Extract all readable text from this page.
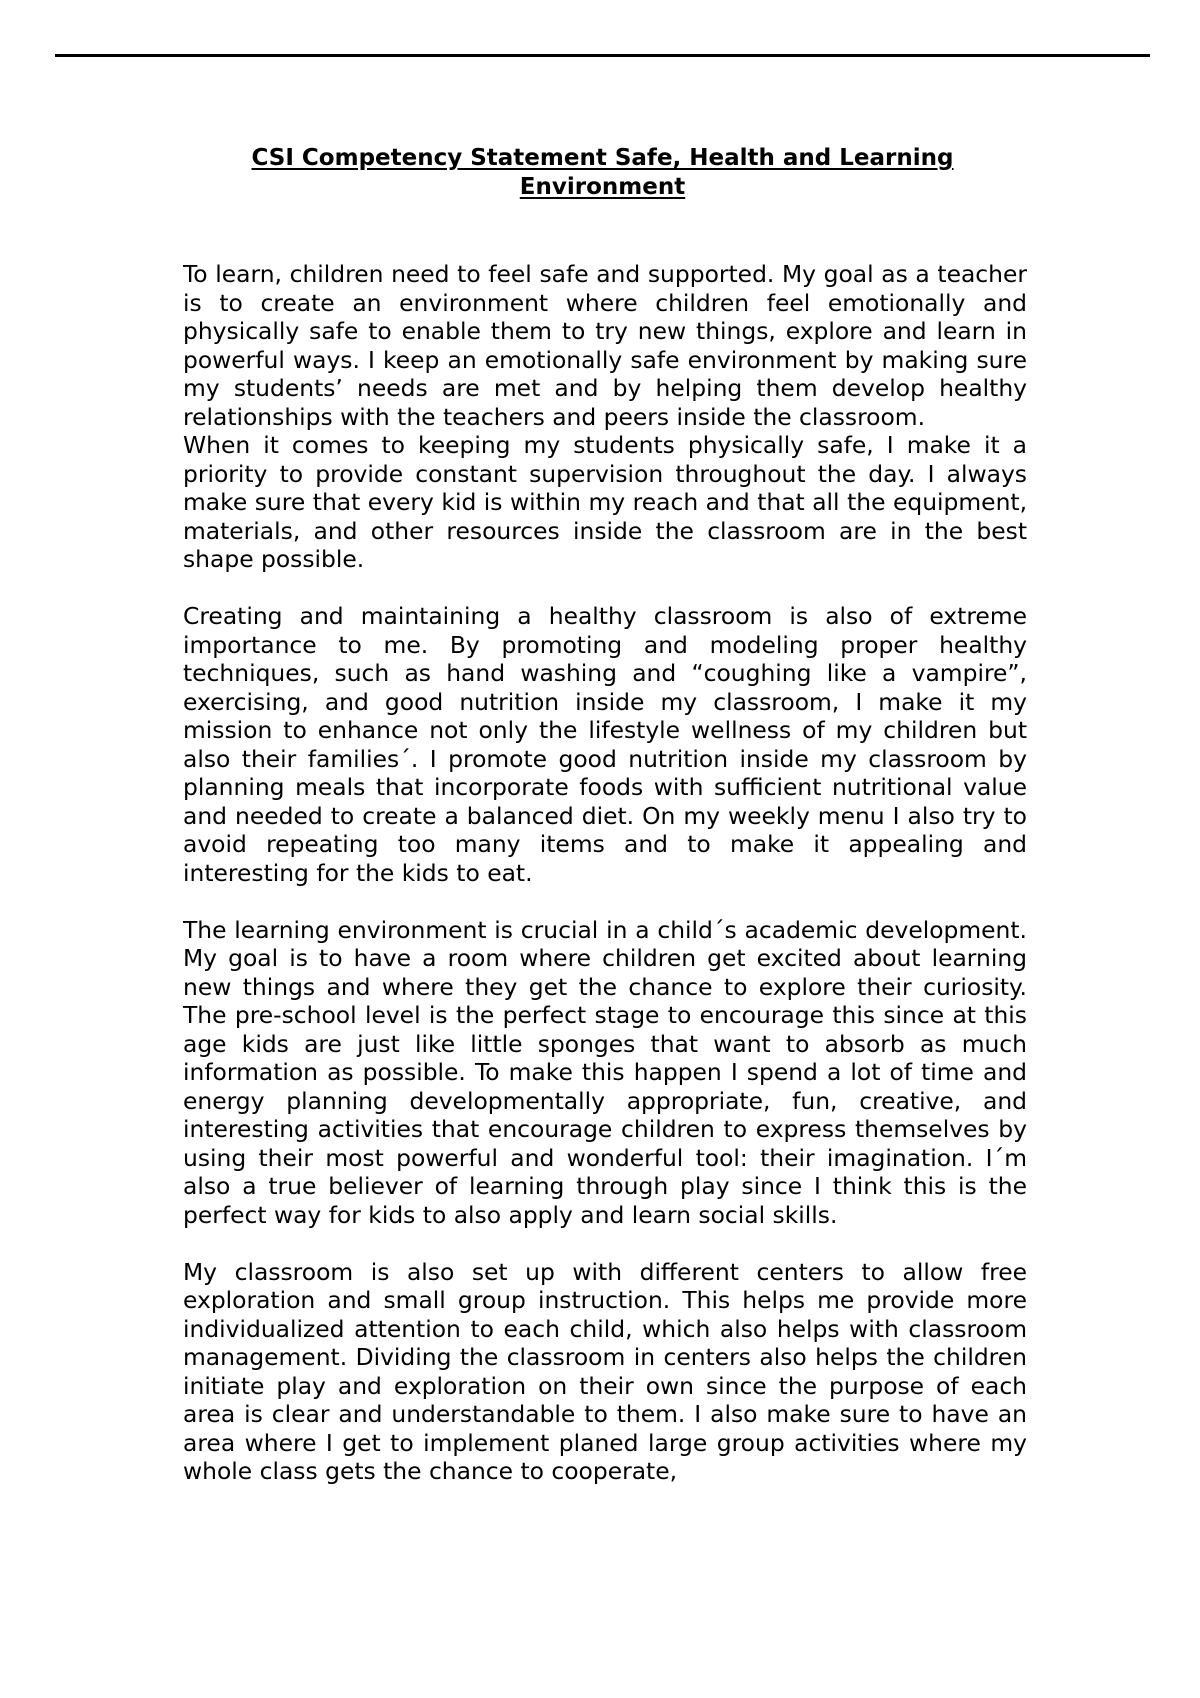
CSI Competency Statement Safe, Health and Learning Environment

To learn, children need to feel safe and supported. My goal as a teacher is to create an environment where children feel emotionally and physically safe to enable them to try new things, explore and learn in powerful ways. I keep an emotionally safe environment by making sure my students’ needs are met and by helping them develop healthy relationships with the teachers and peers inside the classroom.

When it comes to keeping my students physically safe, I make it a priority to provide constant supervision throughout the day. I always make sure that every kid is within my reach and that all the equipment, materials, and other resources inside the classroom are in the best shape possible.

Creating and maintaining a healthy classroom is also of extreme importance to me. By promoting and modeling proper healthy techniques, such as hand washing and “coughing like a vampire”, exercising, and good nutrition inside my classroom, I make it my mission to enhance not only the lifestyle wellness of my children but also their families´. I promote good nutrition inside my classroom by planning meals that incorporate foods with sufficient nutritional value and needed to create a balanced diet. On my weekly menu I also try to avoid repeating too many items and to make it appealing and interesting for the kids to eat.

The learning environment is crucial in a child´s academic development. My goal is to have a room where children get excited about learning new things and where they get the chance to explore their curiosity. The pre-school level is the perfect stage to encourage this since at this age kids are just like little sponges that want to absorb as much information as possible. To make this happen I spend a lot of time and energy planning developmentally appropriate, fun, creative, and interesting activities that encourage children to express themselves by using their most powerful and wonderful tool: their imagination. I´m also a true believer of learning through play since I think this is the perfect way for kids to also apply and learn social skills.

My classroom is also set up with different centers to allow free exploration and small group instruction. This helps me provide more individualized attention to each child, which also helps with classroom management. Dividing the classroom in centers also helps the children initiate play and exploration on their own since the purpose of each area is clear and understandable to them. I also make sure to have an area where I get to implement planed large group activities where my whole class gets the chance to cooperate,
